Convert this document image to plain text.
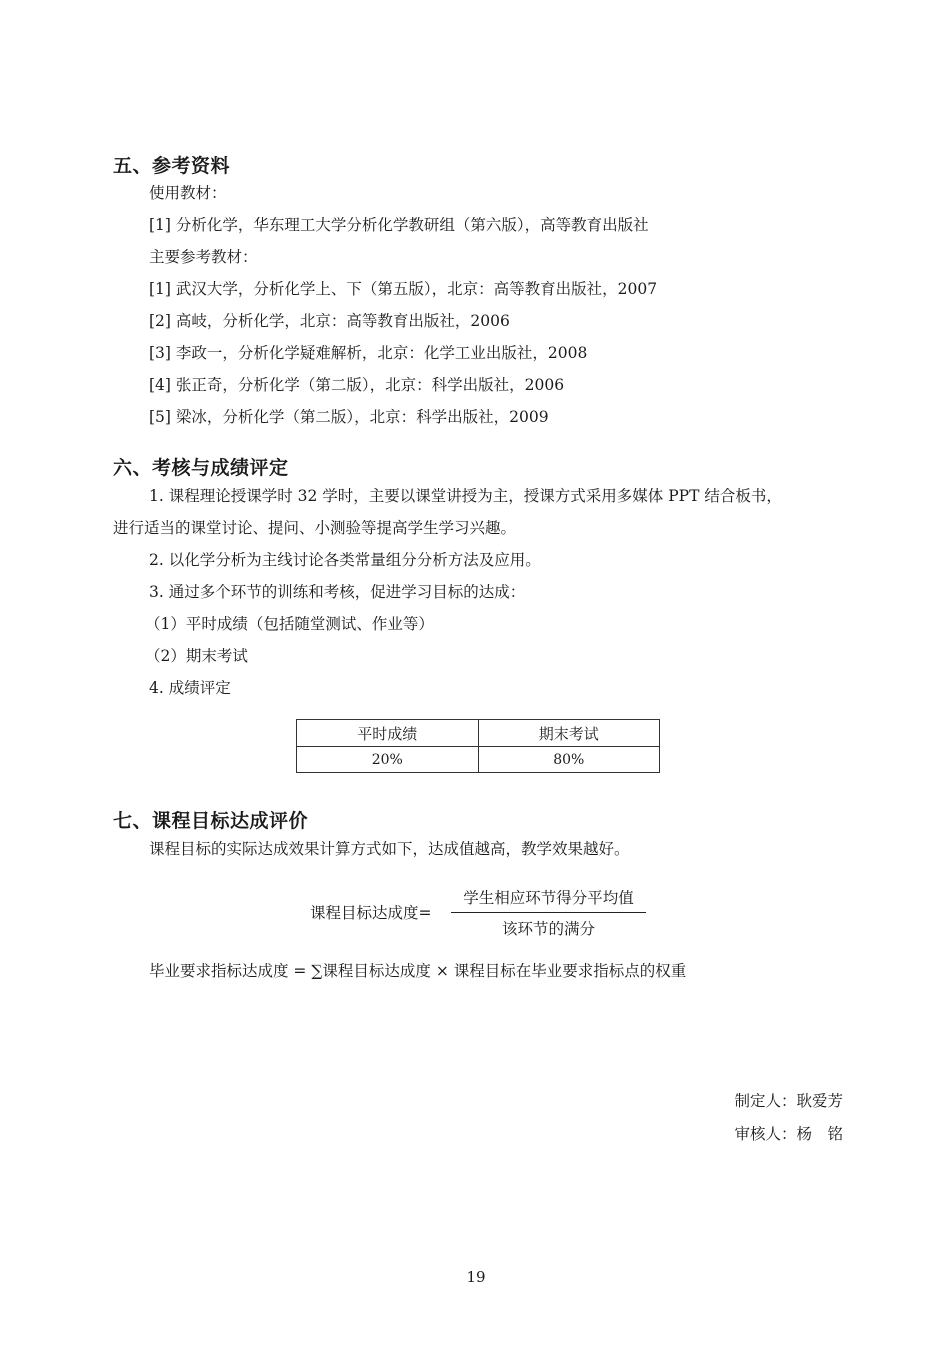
五、参考资料
使用教材：
[1] 分析化学，华东理工大学分析化学教研组（第六版），高等教育出版社
主要参考教材：
[1] 武汉大学，分析化学上、下（第五版），北京：高等教育出版社，2007
[2] 高岐，分析化学，北京：高等教育出版社，2006
[3] 李政一，分析化学疑难解析，北京：化学工业出版社，2008
[4] 张正奇，分析化学（第二版），北京：科学出版社，2006
[5] 梁冰，分析化学（第二版），北京：科学出版社，2009
六、考核与成绩评定
1. 课程理论授课学时 32 学时，主要以课堂讲授为主，授课方式采用多媒体 PPT 结合板书，
进行适当的课堂讨论、提问、小测验等提高学生学习兴趣。
2. 以化学分析为主线讨论各类常量组分分析方法及应用。
3. 通过多个环节的训练和考核，促进学习目标的达成：
（1）平时成绩（包括随堂测试、作业等）
（2）期末考试
4. 成绩评定
平时成绩	期末考试
20%	80%
七、课程目标达成评价
课程目标的实际达成效果计算方式如下，达成值越高，教学效果越好。
课程目标达成度=
学生相应环节得分平均值
该环节的满分
毕业要求指标达成度 = ∑课程目标达成度 × 课程目标在毕业要求指标点的权重
制定人：耿爱芳
审核人：杨　铭
19
